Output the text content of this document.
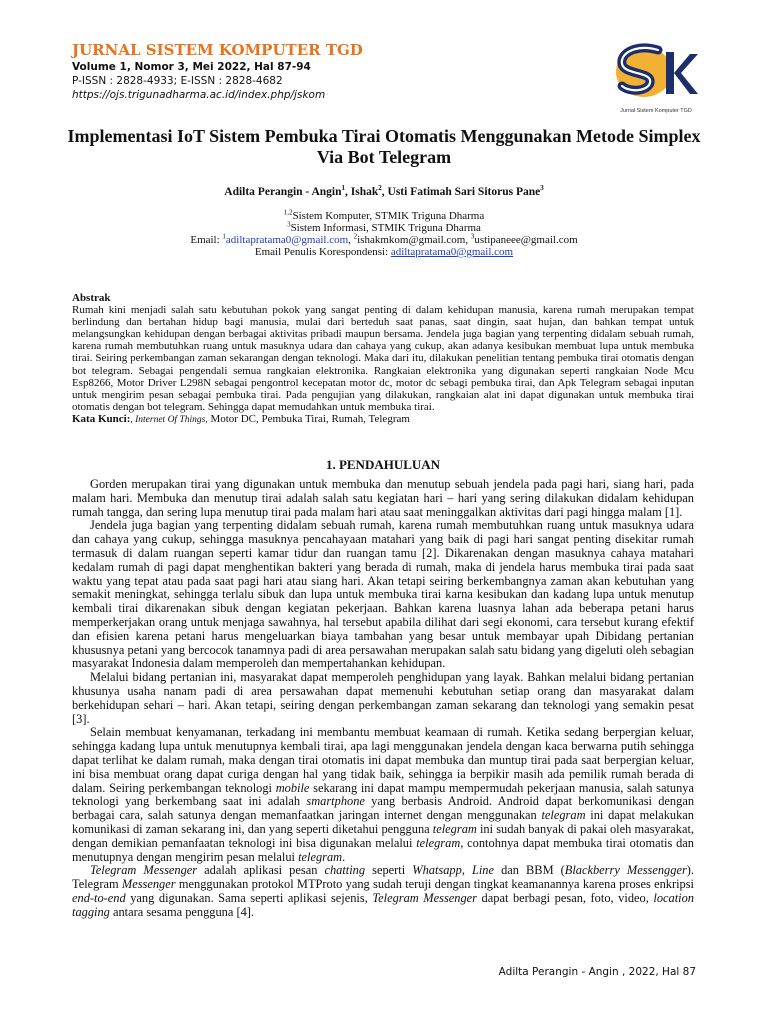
JURNAL SISTEM KOMPUTER TGD

Volume 1, Nomor 3, Mei 2022, Hal 87-94

P-ISSN : 2828-4933; E-ISSN : 2828-4682

https://ojs.trigunadharma.ac.id/index.php/jskom

Jurnal Sistem Komputer TGD
Implementasi IoT Sistem Pembuka Tirai Otomatis Menggunakan Metode Simplex Via Bot Telegram

Adilta Perangin - Angin$^1$, Ishak$^2$, Usti Fatimah Sari Sitorus Pane$^3$

$^{1,2}$Sistem Komputer, STMIK Triguna Dharma

$^3$Sistem Informasi, STMIK Triguna Dharma

Email: $^1$adiltapratama0@gmail.com, $^2$ishakmkom@gmail.com, $^3$ustipaneee@gmail.com

Email Penulis Korespondensi: adiltapratama0@gmail.com

Abstrak

Rumah kini menjadi salah satu kebutuhan pokok yang sangat penting di dalam kehidupan manusia, karena rumah merupakan tempat berlindung dan bertahan hidup bagi manusia, mulai dari berteduh saat panas, saat dingin, saat hujan, dan bahkan tempat untuk melangsungkan kehidupan dengan berbagai aktivitas pribadi maupun bersama. Jendela juga bagian yang terpenting didalam sebuah rumah, karena rumah membutuhkan ruang untuk masuknya udara dan cahaya yang cukup, akan adanya kesibukan membuat lupa untuk membuka tirai. Seiring perkembangan zaman sekarangan dengan teknologi. Maka dari itu, dilakukan penelitian tentang pembuka tirai otomatis dengan bot telegram. Sebagai pengendali semua rangkaian elektronika. Rangkaian elektronika yang digunakan seperti rangkaian Node Mcu Esp8266, Motor Driver L298N sebagai pengontrol kecepatan motor dc, motor dc sebagi pembuka tirai, dan Apk Telegram sebagai inputan untuk mengirim pesan sebagai pembuka tirai. Pada pengujian yang dilakukan, rangkaian alat ini dapat digunakan untuk membuka tirai otomatis dengan bot telegram. Sehingga dapat memudahkan untuk membuka tirai.

Kata Kunci:, Internet Of Things, Motor DC, Pembuka Tirai, Rumah, Telegram

1. PENDAHULUAN

Gorden merupakan tirai yang digunakan untuk membuka dan menutup sebuah jendela pada pagi hari, siang hari, pada malam hari. Membuka dan menutup tirai adalah salah satu kegiatan hari – hari yang sering dilakukan didalam kehidupan rumah tangga, dan sering lupa menutup tirai pada malam hari atau saat meninggalkan aktivitas dari pagi hingga malam [1].

Jendela juga bagian yang terpenting didalam sebuah rumah, karena rumah membutuhkan ruang untuk masuknya udara dan cahaya yang cukup, sehingga masuknya pencahayaan matahari yang baik di pagi hari sangat penting disekitar rumah termasuk di dalam ruangan seperti kamar tidur dan ruangan tamu [2]. Dikarenakan dengan masuknya cahaya matahari kedalam rumah di pagi dapat menghentikan bakteri yang berada di rumah, maka di jendela harus membuka tirai pada saat waktu yang tepat atau pada saat pagi hari atau siang hari. Akan tetapi seiring berkembangnya zaman akan kebutuhan yang semakit meningkat, sehingga terlalu sibuk dan lupa untuk membuka tirai karna kesibukan dan kadang lupa untuk menutup kembali tirai dikarenakan sibuk dengan kegiatan pekerjaan. Bahkan karena luasnya lahan ada beberapa petani harus memperkerjakan orang untuk menjaga sawahnya, hal tersebut apabila dilihat dari segi ekonomi, cara tersebut kurang efektif dan efisien karena petani harus mengeluarkan biaya tambahan yang besar untuk membayar upah Dibidang pertanian khususnya petani yang bercocok tanamnya padi di area persawahan merupakan salah satu bidang yang digeluti oleh sebagian masyarakat Indonesia dalam memperoleh dan mempertahankan kehidupan.

Melalui bidang pertanian ini, masyarakat dapat memperoleh penghidupan yang layak. Bahkan melalui bidang pertanian khusunya usaha nanam padi di area persawahan dapat memenuhi kebutuhan setiap orang dan masyarakat dalam berkehidupan sehari – hari. Akan tetapi, seiring dengan perkembangan zaman sekarang dan teknologi yang semakin pesat [3].

Selain membuat kenyamanan, terkadang ini membantu membuat keamaan di rumah. Ketika sedang berpergian keluar, sehingga kadang lupa untuk menutupnya kembali tirai, apa lagi menggunakan jendela dengan kaca berwarna putih sehingga dapat terlihat ke dalam rumah, maka dengan tirai otomatis ini dapat membuka dan muntup tirai pada saat berpergian keluar, ini bisa membuat orang dapat curiga dengan hal yang tidak baik, sehingga ia berpikir masih ada pemilik rumah berada di dalam. Seiring perkembangan teknologi mobile sekarang ini dapat mampu mempermudah pekerjaan manusia, salah satunya teknologi yang berkembang saat ini adalah smartphone yang berbasis Android. Android dapat berkomunikasi dengan berbagai cara, salah satunya dengan memanfaatkan jaringan internet dengan menggunakan telegram ini dapat melakukan komunikasi di zaman sekarang ini, dan yang seperti diketahui pengguna telegram ini sudah banyak di pakai oleh masyarakat, dengan demikian pemanfaatan teknologi ini bisa digunakan melalui telegram, contohnya dapat membuka tirai otomatis dan menutupnya dengan mengirim pesan melalui telegram.

Telegram Messenger adalah aplikasi pesan chatting seperti Whatsapp, Line dan BBM (Blackberry Messengger). Telegram Messenger menggunakan protokol MTProto yang sudah teruji dengan tingkat keamanannya karena proses enkripsi end-to-end yang digunakan. Sama seperti aplikasi sejenis, Telegram Messenger dapat berbagi pesan, foto, video, location tagging antara sesama pengguna [4].

Adilta Perangin - Angin , 2022, Hal 87
